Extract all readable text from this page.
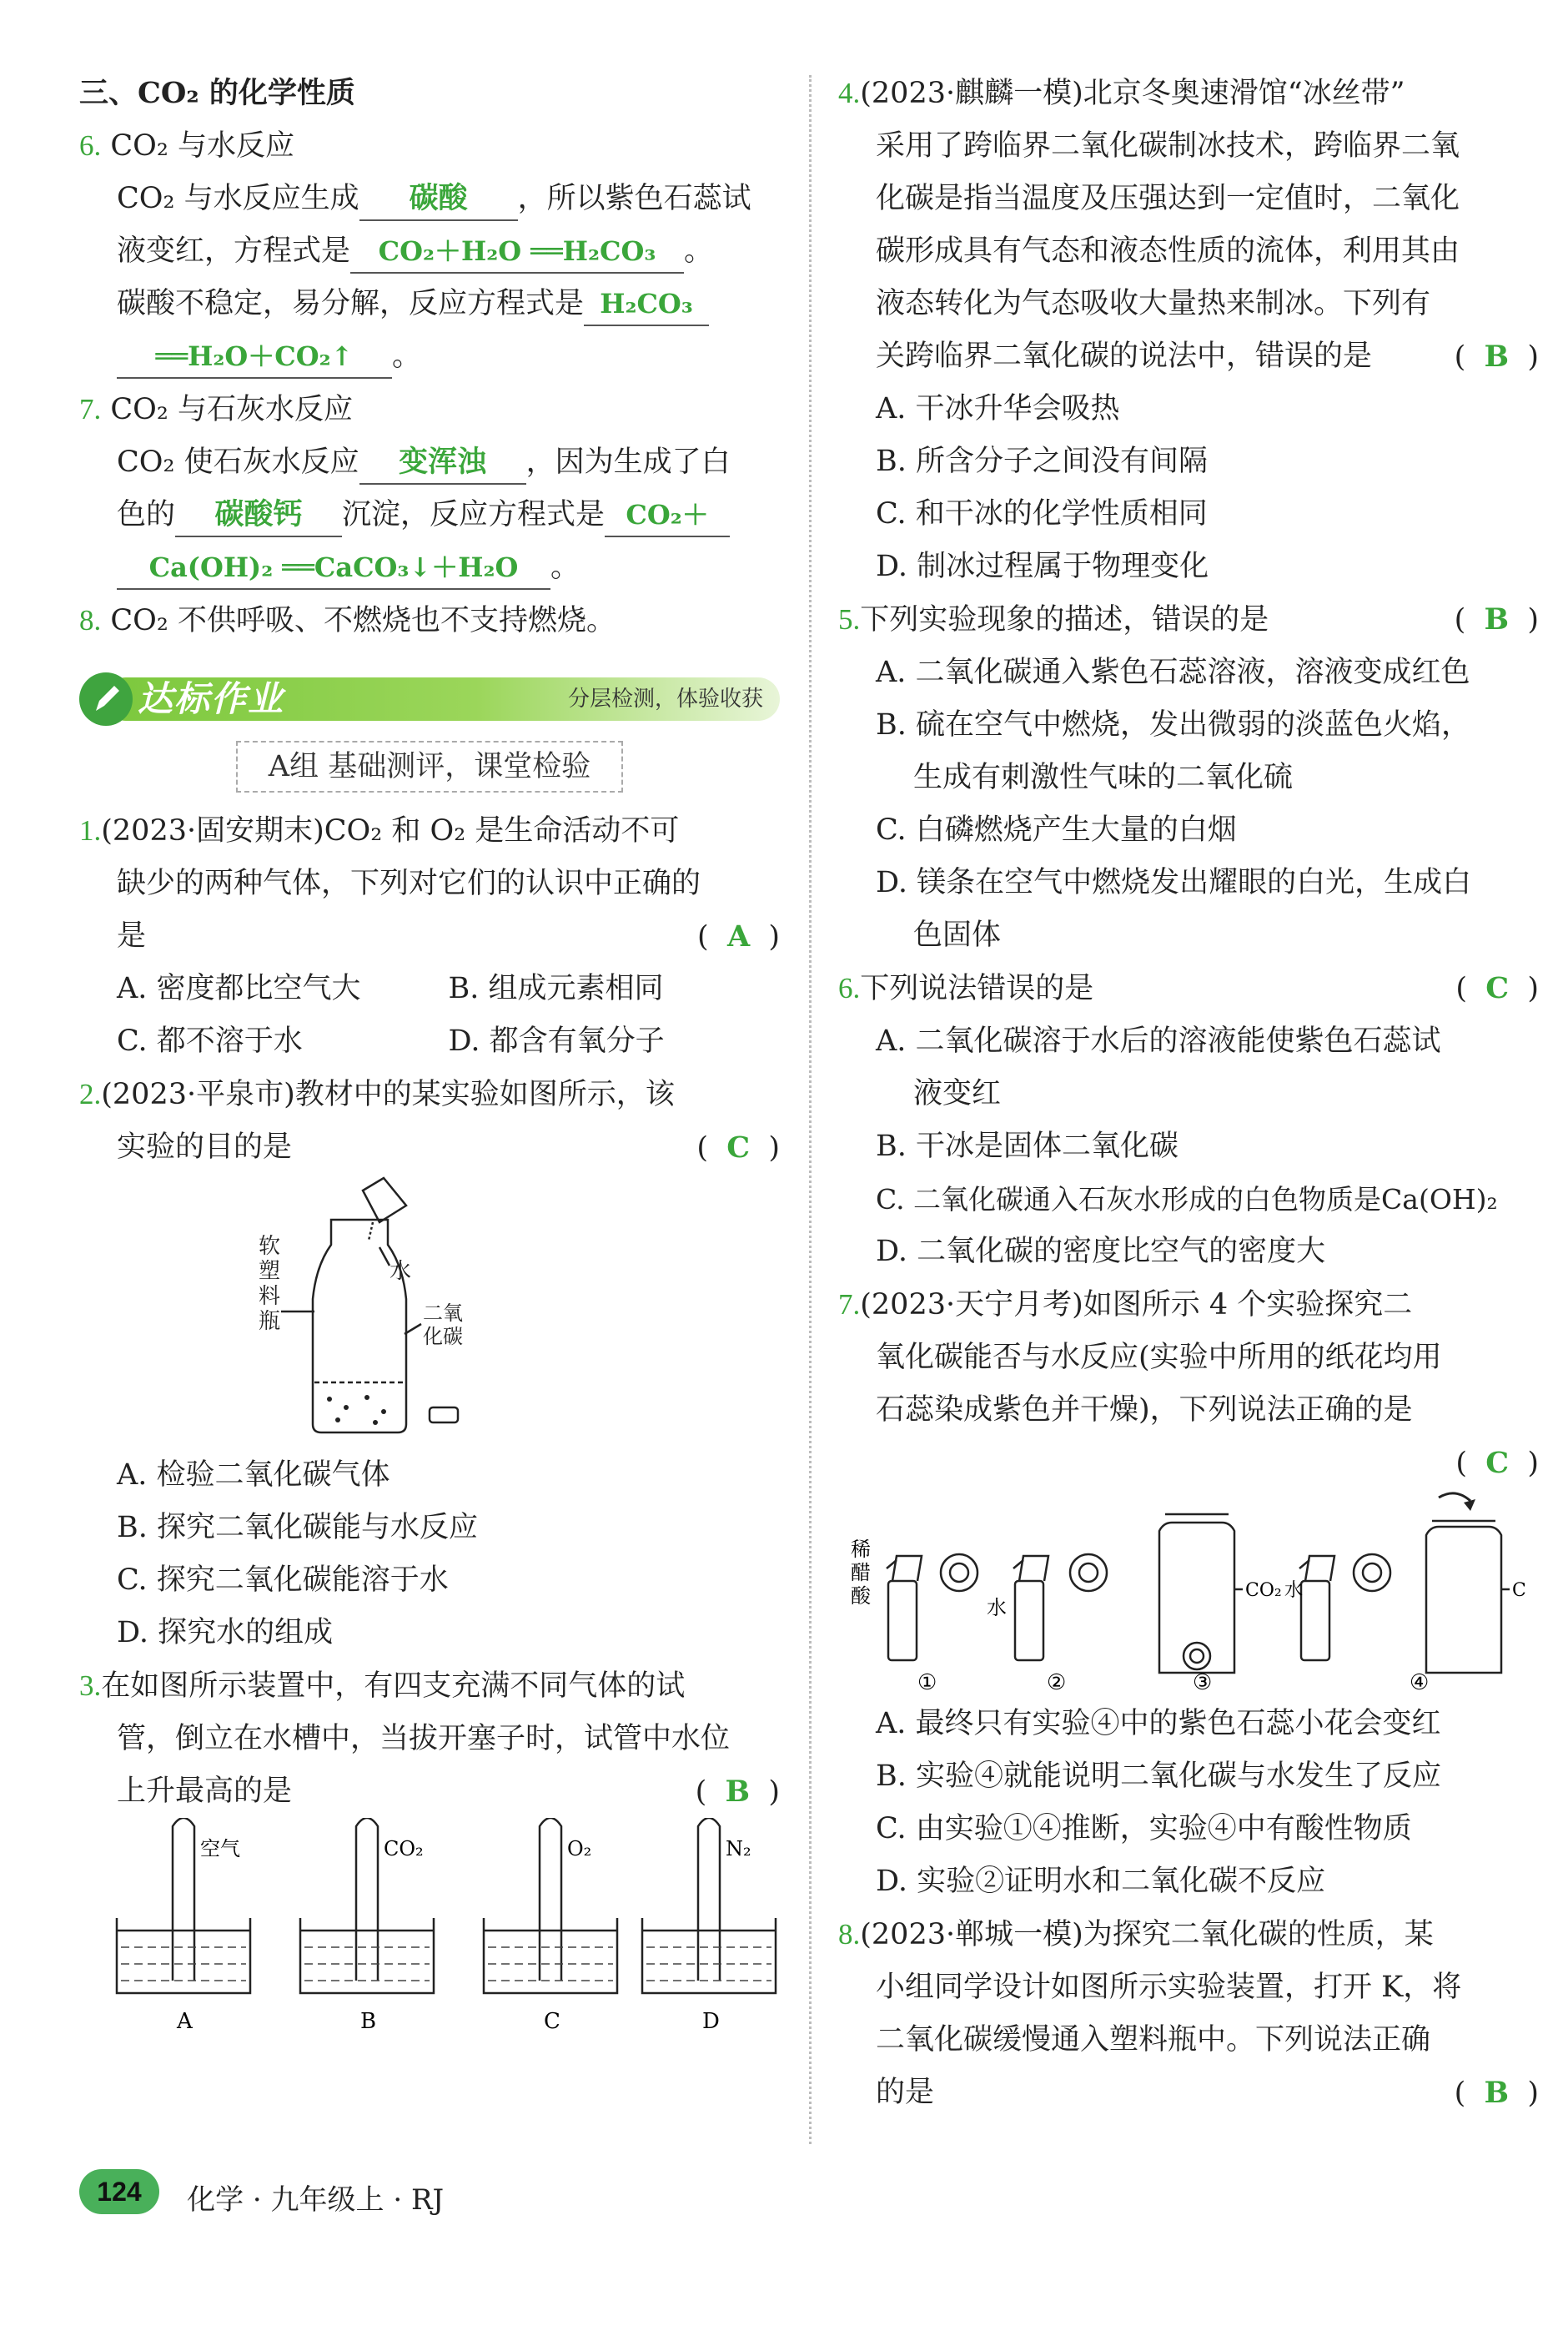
三、CO₂ 的化学性质
6. CO₂ 与水反应
CO₂ 与水反应生成 碳酸 ，所以紫色石蕊试
液变红，方程式是 CO₂＋H₂O ══H₂CO₃ 。
碳酸不稳定，易分解，反应方程式是 H₂CO₃
══H₂O＋CO₂↑ 。
7. CO₂ 与石灰水反应
CO₂ 使石灰水反应 变浑浊 ，因为生成了白
色的 碳酸钙 沉淀，反应方程式是 CO₂＋
Ca(OH)₂ ══CaCO₃↓＋H₂O 。
8. CO₂ 不供呼吸、不燃烧也不支持燃烧。
达标作业	分层检测，体验收获
A组 基础测评，课堂检验
1.(2023·固安期末)CO₂ 和 O₂ 是生命活动不可
缺少的两种气体，下列对它们的认识中正确的
是	(  A  )
A. 密度都比空气大	B. 组成元素相同
C. 都不溶于水	D. 都含有氧分子
2.(2023·平泉市)教材中的某实验如图所示，该
实验的目的是	(  C  )
水
软塑料瓶	二氧化碳
A. 检验二氧化碳气体
B. 探究二氧化碳能与水反应
C. 探究二氧化碳能溶于水
D. 探究水的组成
3.在如图所示装置中，有四支充满不同气体的试
管，倒立在水槽中，当拔开塞子时，试管中水位
上升最高的是	(  B  )
空气	CO₂	O₂	N₂
A	B	C	D
4.(2023·麒麟一模)北京冬奥速滑馆“冰丝带”
采用了跨临界二氧化碳制冰技术，跨临界二氧
化碳是指当温度及压强达到一定值时，二氧化
碳形成具有气态和液态性质的流体，利用其由
液态转化为气态吸收大量热来制冰。下列有
关跨临界二氧化碳的说法中，错误的是	(  B  )
A. 干冰升华会吸热
B. 所含分子之间没有间隔
C. 和干冰的化学性质相同
D. 制冰过程属于物理变化
5.下列实验现象的描述，错误的是	(  B  )
A. 二氧化碳通入紫色石蕊溶液，溶液变成红色
B. 硫在空气中燃烧，发出微弱的淡蓝色火焰，
生成有刺激性气味的二氧化硫
C. 白磷燃烧产生大量的白烟
D. 镁条在空气中燃烧发出耀眼的白光，生成白
色固体
6.下列说法错误的是	(  C  )
A. 二氧化碳溶于水后的溶液能使紫色石蕊试
液变红
B. 干冰是固体二氧化碳
C. 二氧化碳通入石灰水形成的白色物质是Ca(OH)₂
D. 二氧化碳的密度比空气的密度大
7.(2023·天宁月考)如图所示 4 个实验探究二
氧化碳能否与水反应(实验中所用的纸花均用
石蕊染成紫色并干燥)，下列说法正确的是

(  C  )
稀醋酸	水
CO₂ 水	C
①	②	③	④
A. 最终只有实验④中的紫色石蕊小花会变红
B. 实验④就能说明二氧化碳与水发生了反应
C. 由实验①④推断，实验④中有酸性物质
D. 实验②证明水和二氧化碳不反应
8.(2023·郸城一模)为探究二氧化碳的性质，某
小组同学设计如图所示实验装置，打开 K，将
二氧化碳缓慢通入塑料瓶中。下列说法正确
的是	(  B  )
124 化学 · 九年级上 · RJ
